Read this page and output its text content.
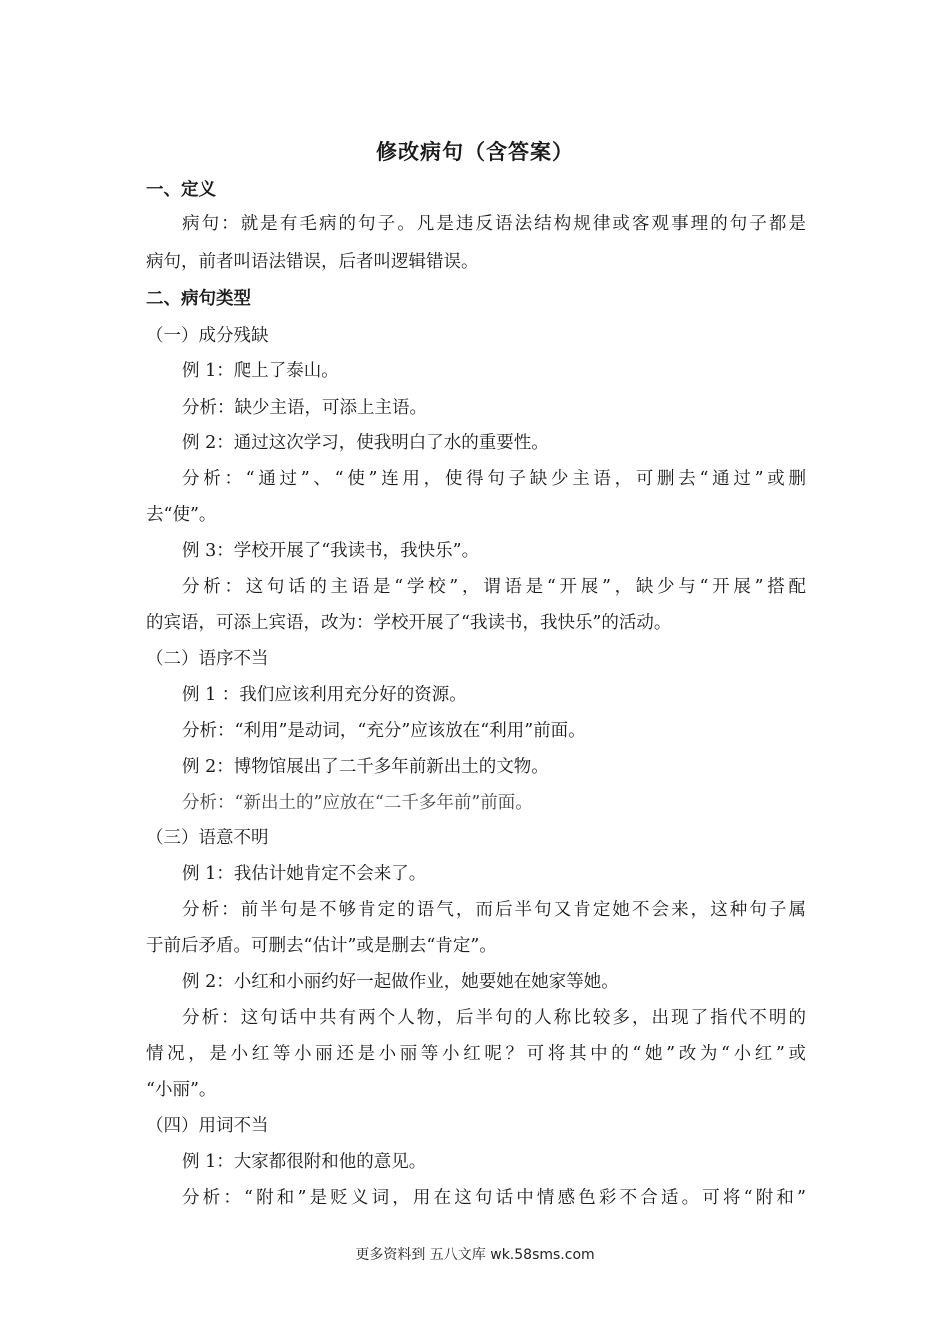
修改病句（含答案）
一、定义
病句：就是有毛病的句子。凡是违反语法结构规律或客观事理的句子都是
病句，前者叫语法错误，后者叫逻辑错误。
二、病句类型
（一）成分残缺
例 1：爬上了泰山。
分析：缺少主语，可添上主语。
例 2：通过这次学习，使我明白了水的重要性。
分析：“通过”、“使”连用，使得句子缺少主语，可删去“通过”或删
去“使”。
例 3：学校开展了“我读书，我快乐”。
分析：这句话的主语是“学校”，谓语是“开展”，缺少与“开展”搭配
的宾语，可添上宾语，改为：学校开展了“我读书，我快乐”的活动。
（二）语序不当
例 1 ：我们应该利用充分好的资源。
分析：“利用”是动词，“充分”应该放在“利用”前面。
例 2：博物馆展出了二千多年前新出土的文物。
分析：“新出土的”应放在“二千多年前”前面。
（三）语意不明
例 1：我估计她肯定不会来了。
分析：前半句是不够肯定的语气，而后半句又肯定她不会来，这种句子属
于前后矛盾。可删去“估计”或是删去“肯定”。
例 2：小红和小丽约好一起做作业，她要她在她家等她。
分析：这句话中共有两个人物，后半句的人称比较多，出现了指代不明的
情况，是小红等小丽还是小丽等小红呢？可将其中的“她”改为“小红”或
“小丽”。
（四）用词不当
例 1：大家都很附和他的意见。
分析：“附和”是贬义词，用在这句话中情感色彩不合适。可将“附和”
更多资料到 五八文库 wk.58sms.com
